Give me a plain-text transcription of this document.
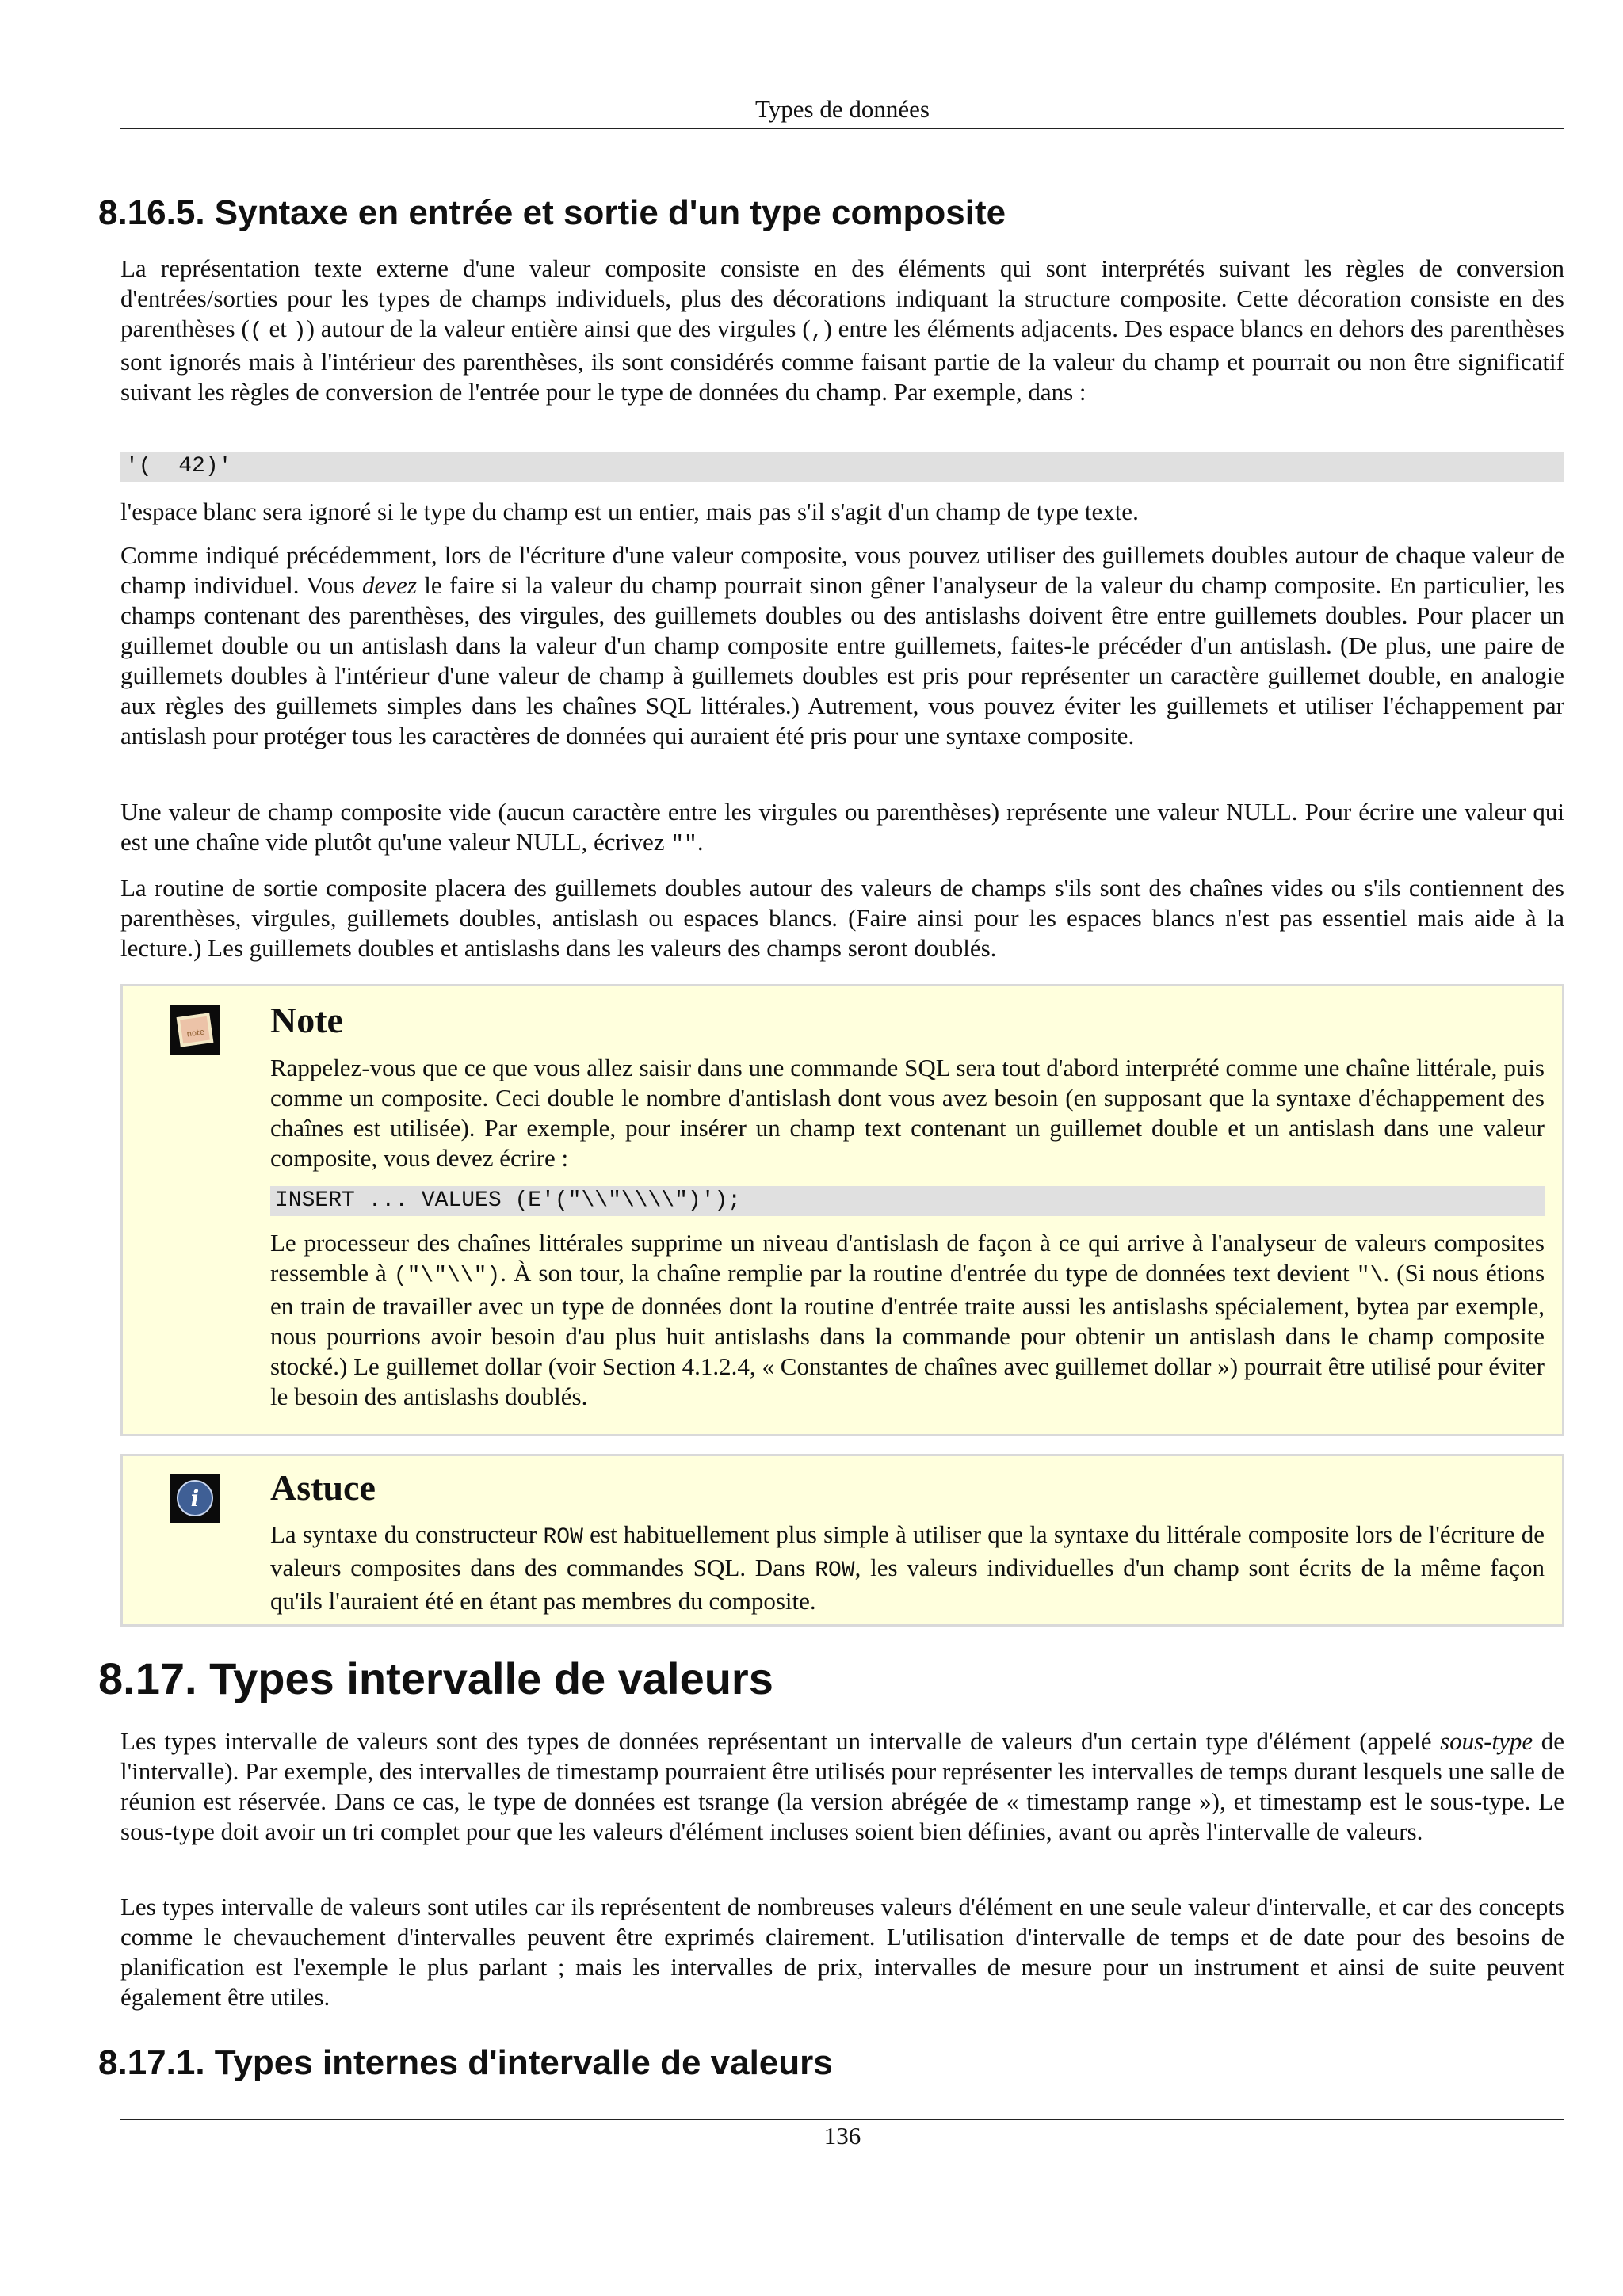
Types de données
8.16.5. Syntaxe en entrée et sortie d'un type composite

La représentation texte externe d'une valeur composite consiste en des éléments qui sont interprétés suivant les règles de conversion d'entrées/sorties pour les types de champs individuels, plus des décorations indiquant la structure composite. Cette décoration consiste en des parenthèses (( et )) autour de la valeur entière ainsi que des virgules (,) entre les éléments adjacents. Des espace blancs en dehors des parenthèses sont ignorés mais à l'intérieur des parenthèses, ils sont considérés comme faisant partie de la valeur du champ et pourrait ou non être significatif suivant les règles de conversion de l'entrée pour le type de données du champ. Par exemple, dans :

'(  42)'

l'espace blanc sera ignoré si le type du champ est un entier, mais pas s'il s'agit d'un champ de type texte.

Comme indiqué précédemment, lors de l'écriture d'une valeur composite, vous pouvez utiliser des guillemets doubles autour de chaque valeur de champ individuel. Vous devez le faire si la valeur du champ pourrait sinon gêner l'analyseur de la valeur du champ composite. En particulier, les champs contenant des parenthèses, des virgules, des guillemets doubles ou des antislashs doivent être entre guillemets doubles. Pour placer un guillemet double ou un antislash dans la valeur d'un champ composite entre guillemets, faites-le précéder d'un antislash. (De plus, une paire de guillemets doubles à l'intérieur d'une valeur de champ à guillemets doubles est pris pour représenter un caractère guillemet double, en analogie aux règles des guillemets simples dans les chaînes SQL littérales.) Autrement, vous pouvez éviter les guillemets et utiliser l'échappement par antislash pour protéger tous les caractères de données qui auraient été pris pour une syntaxe composite.

Une valeur de champ composite vide (aucun caractère entre les virgules ou parenthèses) représente une valeur NULL. Pour écrire une valeur qui est une chaîne vide plutôt qu'une valeur NULL, écrivez "".

La routine de sortie composite placera des guillemets doubles autour des valeurs de champs s'ils sont des chaînes vides ou s'ils contiennent des parenthèses, virgules, guillemets doubles, antislash ou espaces blancs. (Faire ainsi pour les espaces blancs n'est pas essentiel mais aide à la lecture.) Les guillemets doubles et antislashs dans les valeurs des champs seront doublés.

note Note

Rappelez-vous que ce que vous allez saisir dans une commande SQL sera tout d'abord interprété comme une chaîne littérale, puis comme un composite. Ceci double le nombre d'antislash dont vous avez besoin (en supposant que la syntaxe d'échappement des chaînes est utilisée). Par exemple, pour insérer un champ text contenant un guillemet double et un antislash dans une valeur composite, vous devez écrire :

INSERT ... VALUES (E'("\\"\\\\")');

Le processeur des chaînes littérales supprime un niveau d'antislash de façon à ce qui arrive à l'analyseur de valeurs composites ressemble à ("\"\\"). À son tour, la chaîne remplie par la routine d'entrée du type de données text devient "\. (Si nous étions en train de travailler avec un type de données dont la routine d'entrée traite aussi les antislashs spécialement, bytea par exemple, nous pourrions avoir besoin d'au plus huit antislashs dans la commande pour obtenir un antislash dans le champ composite stocké.) Le guillemet dollar (voir Section 4.1.2.4, « Constantes de chaînes avec guillemet dollar ») pourrait être utilisé pour éviter le besoin des antislashs doublés.

i Astuce

La syntaxe du constructeur ROW est habituellement plus simple à utiliser que la syntaxe du littérale composite lors de l'écriture de valeurs composites dans des commandes SQL. Dans ROW, les valeurs individuelles d'un champ sont écrits de la même façon qu'ils l'auraient été en étant pas membres du composite.

8.17. Types intervalle de valeurs

Les types intervalle de valeurs sont des types de données représentant un intervalle de valeurs d'un certain type d'élément (appelé sous-type de l'intervalle). Par exemple, des intervalles de timestamp pourraient être utilisés pour représenter les intervalles de temps durant lesquels une salle de réunion est réservée. Dans ce cas, le type de données est tsrange (la version abrégée de « timestamp range »), et timestamp est le sous-type. Le sous-type doit avoir un tri complet pour que les valeurs d'élément incluses soient bien définies, avant ou après l'intervalle de valeurs.

Les types intervalle de valeurs sont utiles car ils représentent de nombreuses valeurs d'élément en une seule valeur d'intervalle, et car des concepts comme le chevauchement d'intervalles peuvent être exprimés clairement. L'utilisation d'intervalle de temps et de date pour des besoins de planification est l'exemple le plus parlant ; mais les intervalles de prix, intervalles de mesure pour un instrument et ainsi de suite peuvent également être utiles.

8.17.1. Types internes d'intervalle de valeurs
136
